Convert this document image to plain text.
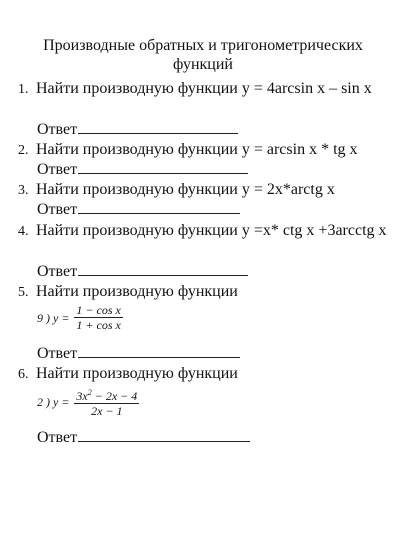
Производные обратных и тригонометрических функций
1. Найти производную функции у = 4arcsin x – sin x
Ответ
2. Найти производную функции у = arcsin x * tg x
Ответ
3. Найти производную функции у = 2x*arctg x
Ответ
4. Найти производную функции у =x* ctg x +3arcctg x
Ответ
5. Найти производную функции
9 ) $y = \frac{\text{1 − cos x}}{\text{1 + cos x}}$
Ответ
6. Найти производную функции
2 ) $y = \frac{3x^2 - 2x - 4}{2x - 1}$
Ответ
